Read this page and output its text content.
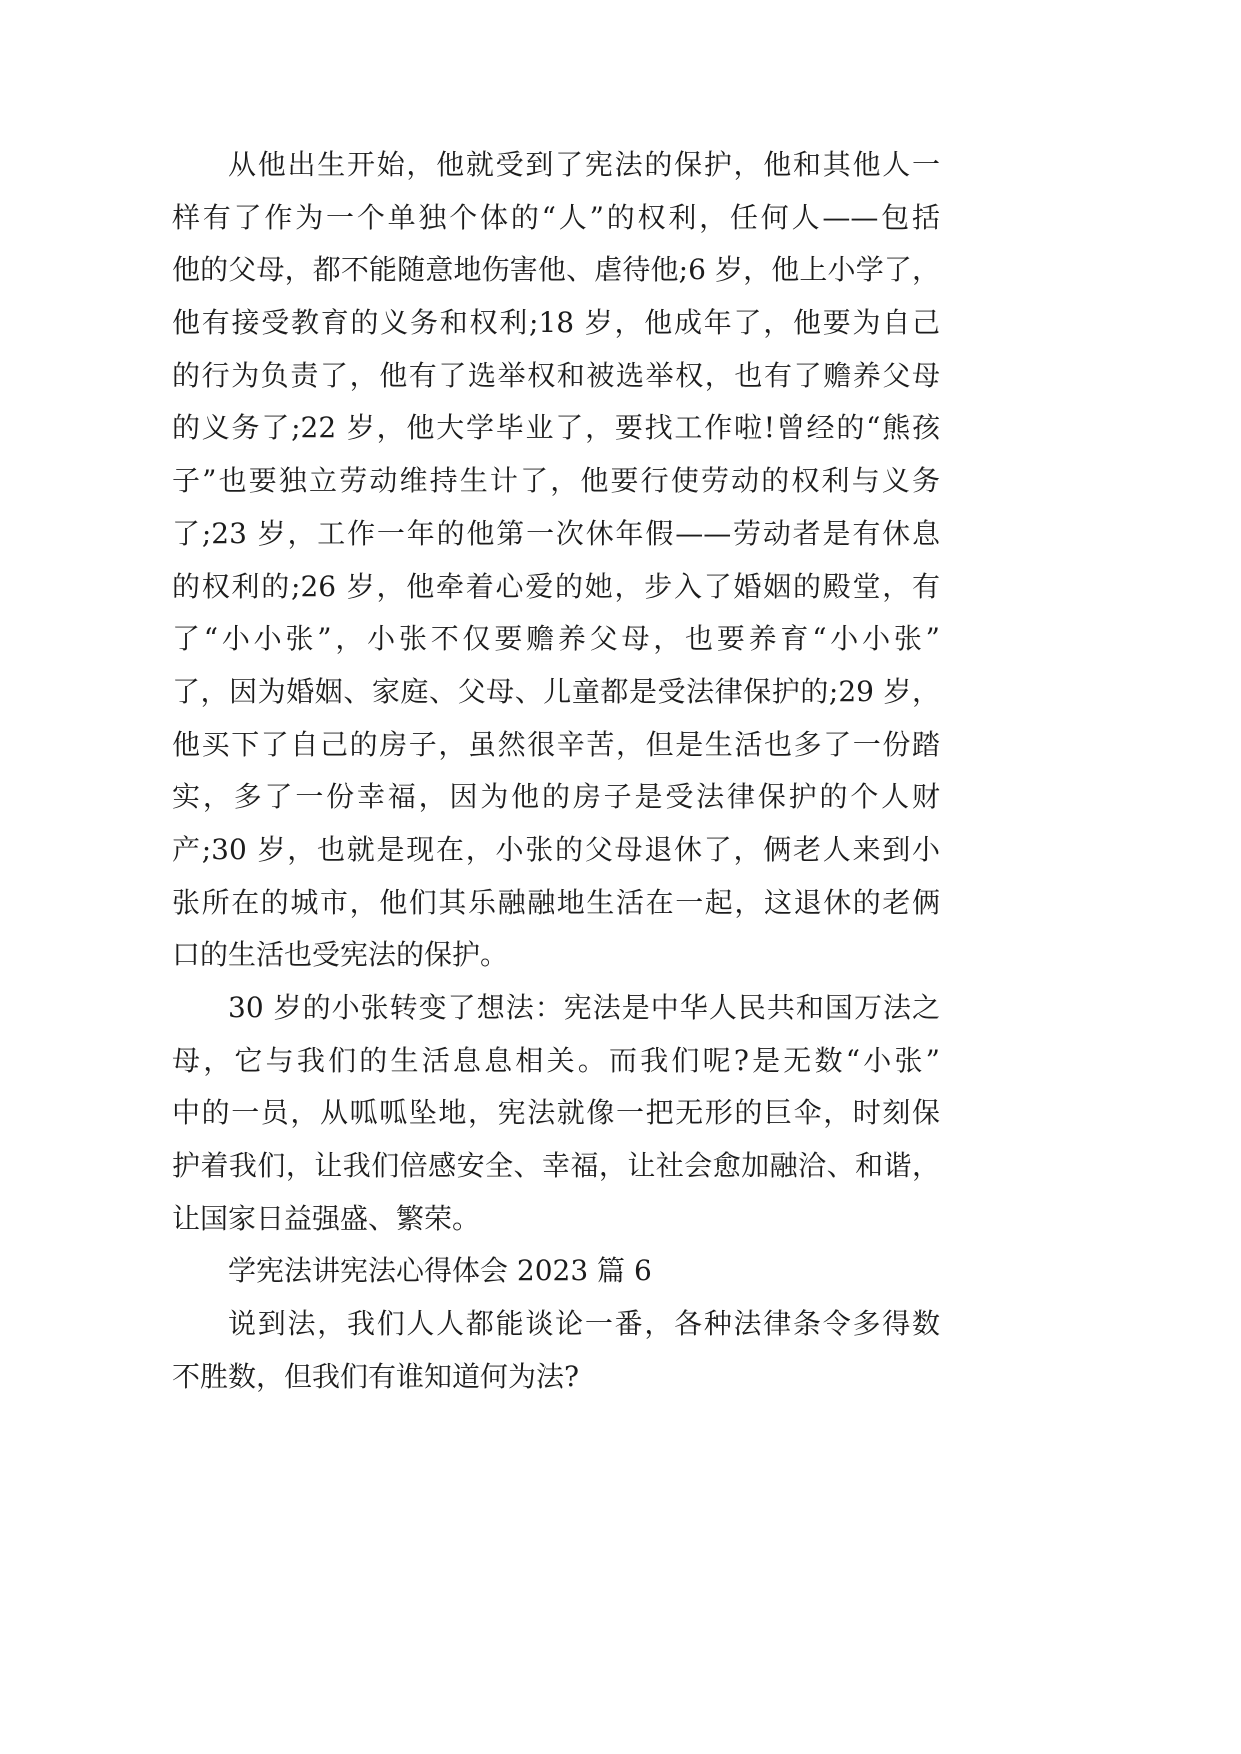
从他出生开始，他就受到了宪法的保护，他和其他人一
样有了作为一个单独个体的“人”的权利，任何人——包括
他的父母，都不能随意地伤害他、虐待他;6 岁，他上小学了，
他有接受教育的义务和权利;18 岁，他成年了，他要为自己
的行为负责了，他有了选举权和被选举权，也有了赡养父母
的义务了;22 岁，他大学毕业了，要找工作啦!曾经的“熊孩
子”也要独立劳动维持生计了，他要行使劳动的权利与义务
了;23 岁，工作一年的他第一次休年假——劳动者是有休息
的权利的;26 岁，他牵着心爱的她，步入了婚姻的殿堂，有
了“小小张”，小张不仅要赡养父母，也要养育“小小张”
了，因为婚姻、家庭、父母、儿童都是受法律保护的;29 岁，
他买下了自己的房子，虽然很辛苦，但是生活也多了一份踏
实，多了一份幸福，因为他的房子是受法律保护的个人财
产;30 岁，也就是现在，小张的父母退休了，俩老人来到小
张所在的城市，他们其乐融融地生活在一起，这退休的老俩
口的生活也受宪法的保护。
30 岁的小张转变了想法：宪法是中华人民共和国万法之
母，它与我们的生活息息相关。而我们呢?是无数“小张”
中的一员，从呱呱坠地，宪法就像一把无形的巨伞，时刻保
护着我们，让我们倍感安全、幸福，让社会愈加融洽、和谐，
让国家日益强盛、繁荣。
学宪法讲宪法心得体会 2023 篇 6
说到法，我们人人都能谈论一番，各种法律条令多得数
不胜数，但我们有谁知道何为法?
